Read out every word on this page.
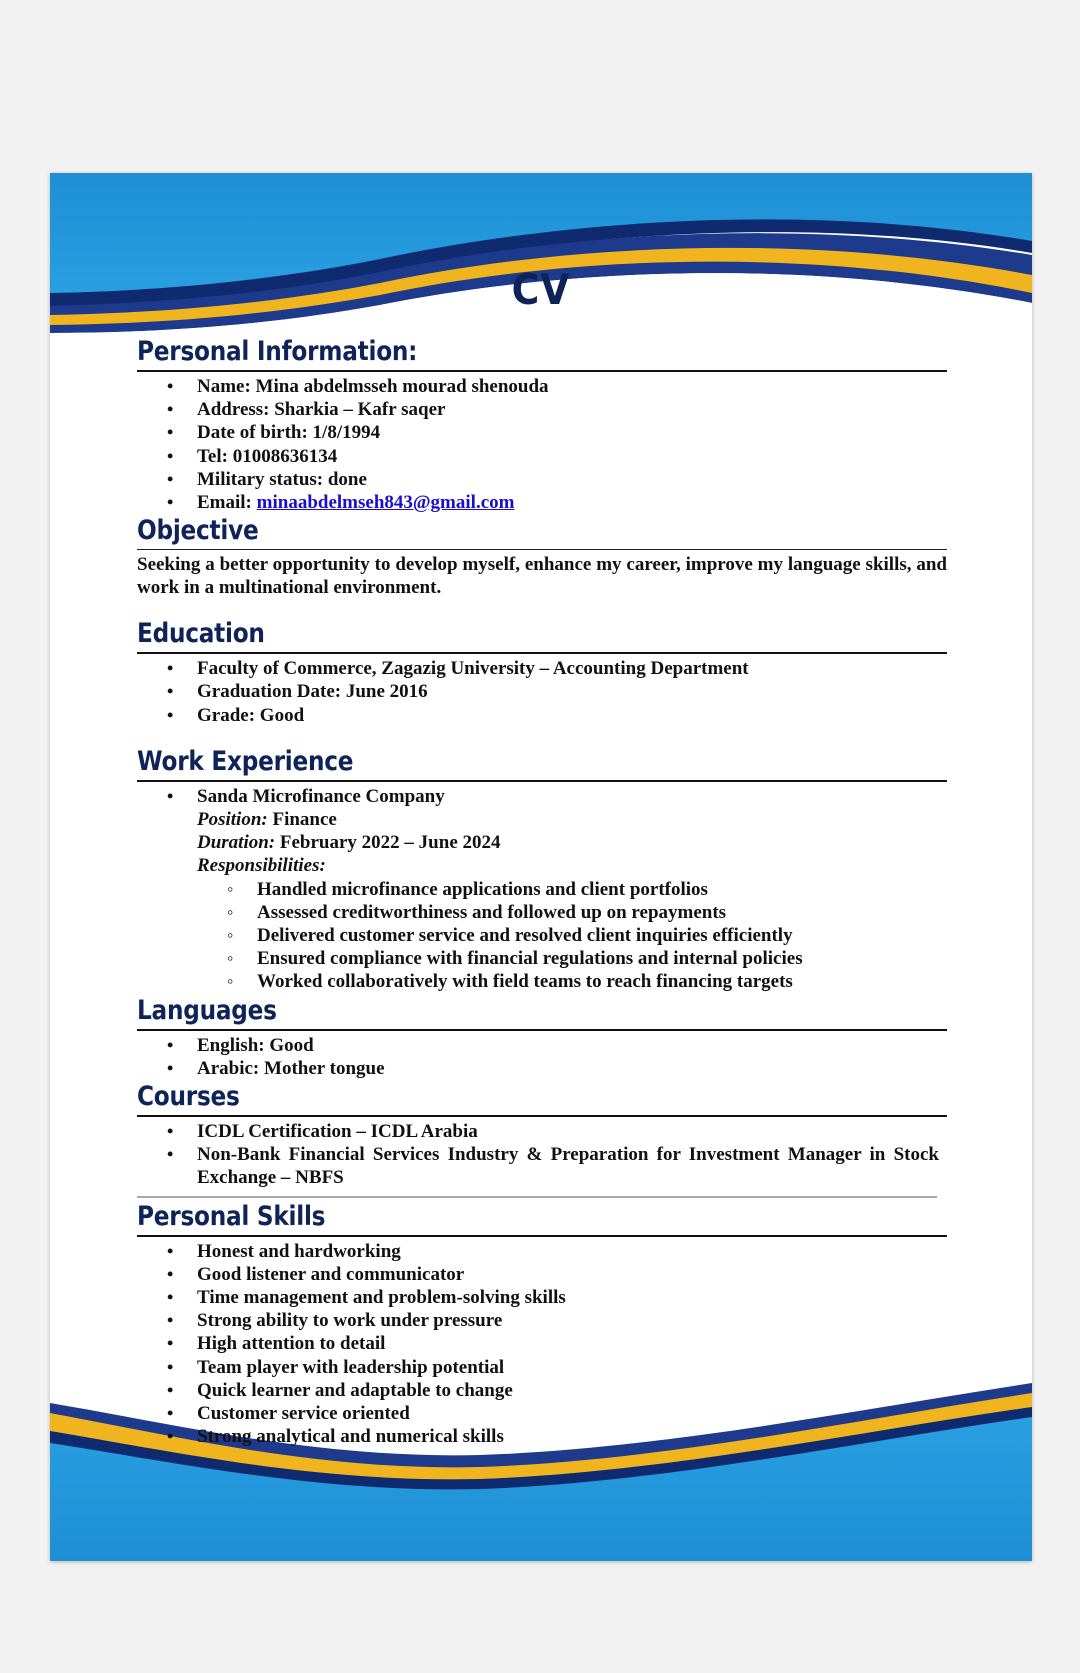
CV
Personal Information:
• Name: Mina abdelmsseh mourad shenouda
• Address: Sharkia – Kafr saqer
• Date of birth: 1/8/1994
• Tel: 01008636134
• Military status: done
• Email: minaabdelmseh843@gmail.com
Objective

Seeking a better opportunity to develop myself, enhance my career, improve my language skills, and work in a multinational environment.

Education
• Faculty of Commerce, Zagazig University – Accounting Department
• Graduation Date: June 2016
• Grade: Good
Work Experience
• Sanda Microfinance Company
Position: Finance
Duration: February 2022 – June 2024
Responsibilities:
◦ Handled microfinance applications and client portfolios
◦ Assessed creditworthiness and followed up on repayments
◦ Delivered customer service and resolved client inquiries efficiently
◦ Ensured compliance with financial regulations and internal policies
◦ Worked collaboratively with field teams to reach financing targets
Languages
• English: Good
• Arabic: Mother tongue
Courses
• ICDL Certification – ICDL Arabia
• Non-Bank Financial Services Industry & Preparation for Investment Manager in Stock Exchange – NBFS
Personal Skills
• Honest and hardworking
• Good listener and communicator
• Time management and problem-solving skills
• Strong ability to work under pressure
• High attention to detail
• Team player with leadership potential
• Quick learner and adaptable to change
• Customer service oriented
• Strong analytical and numerical skills
